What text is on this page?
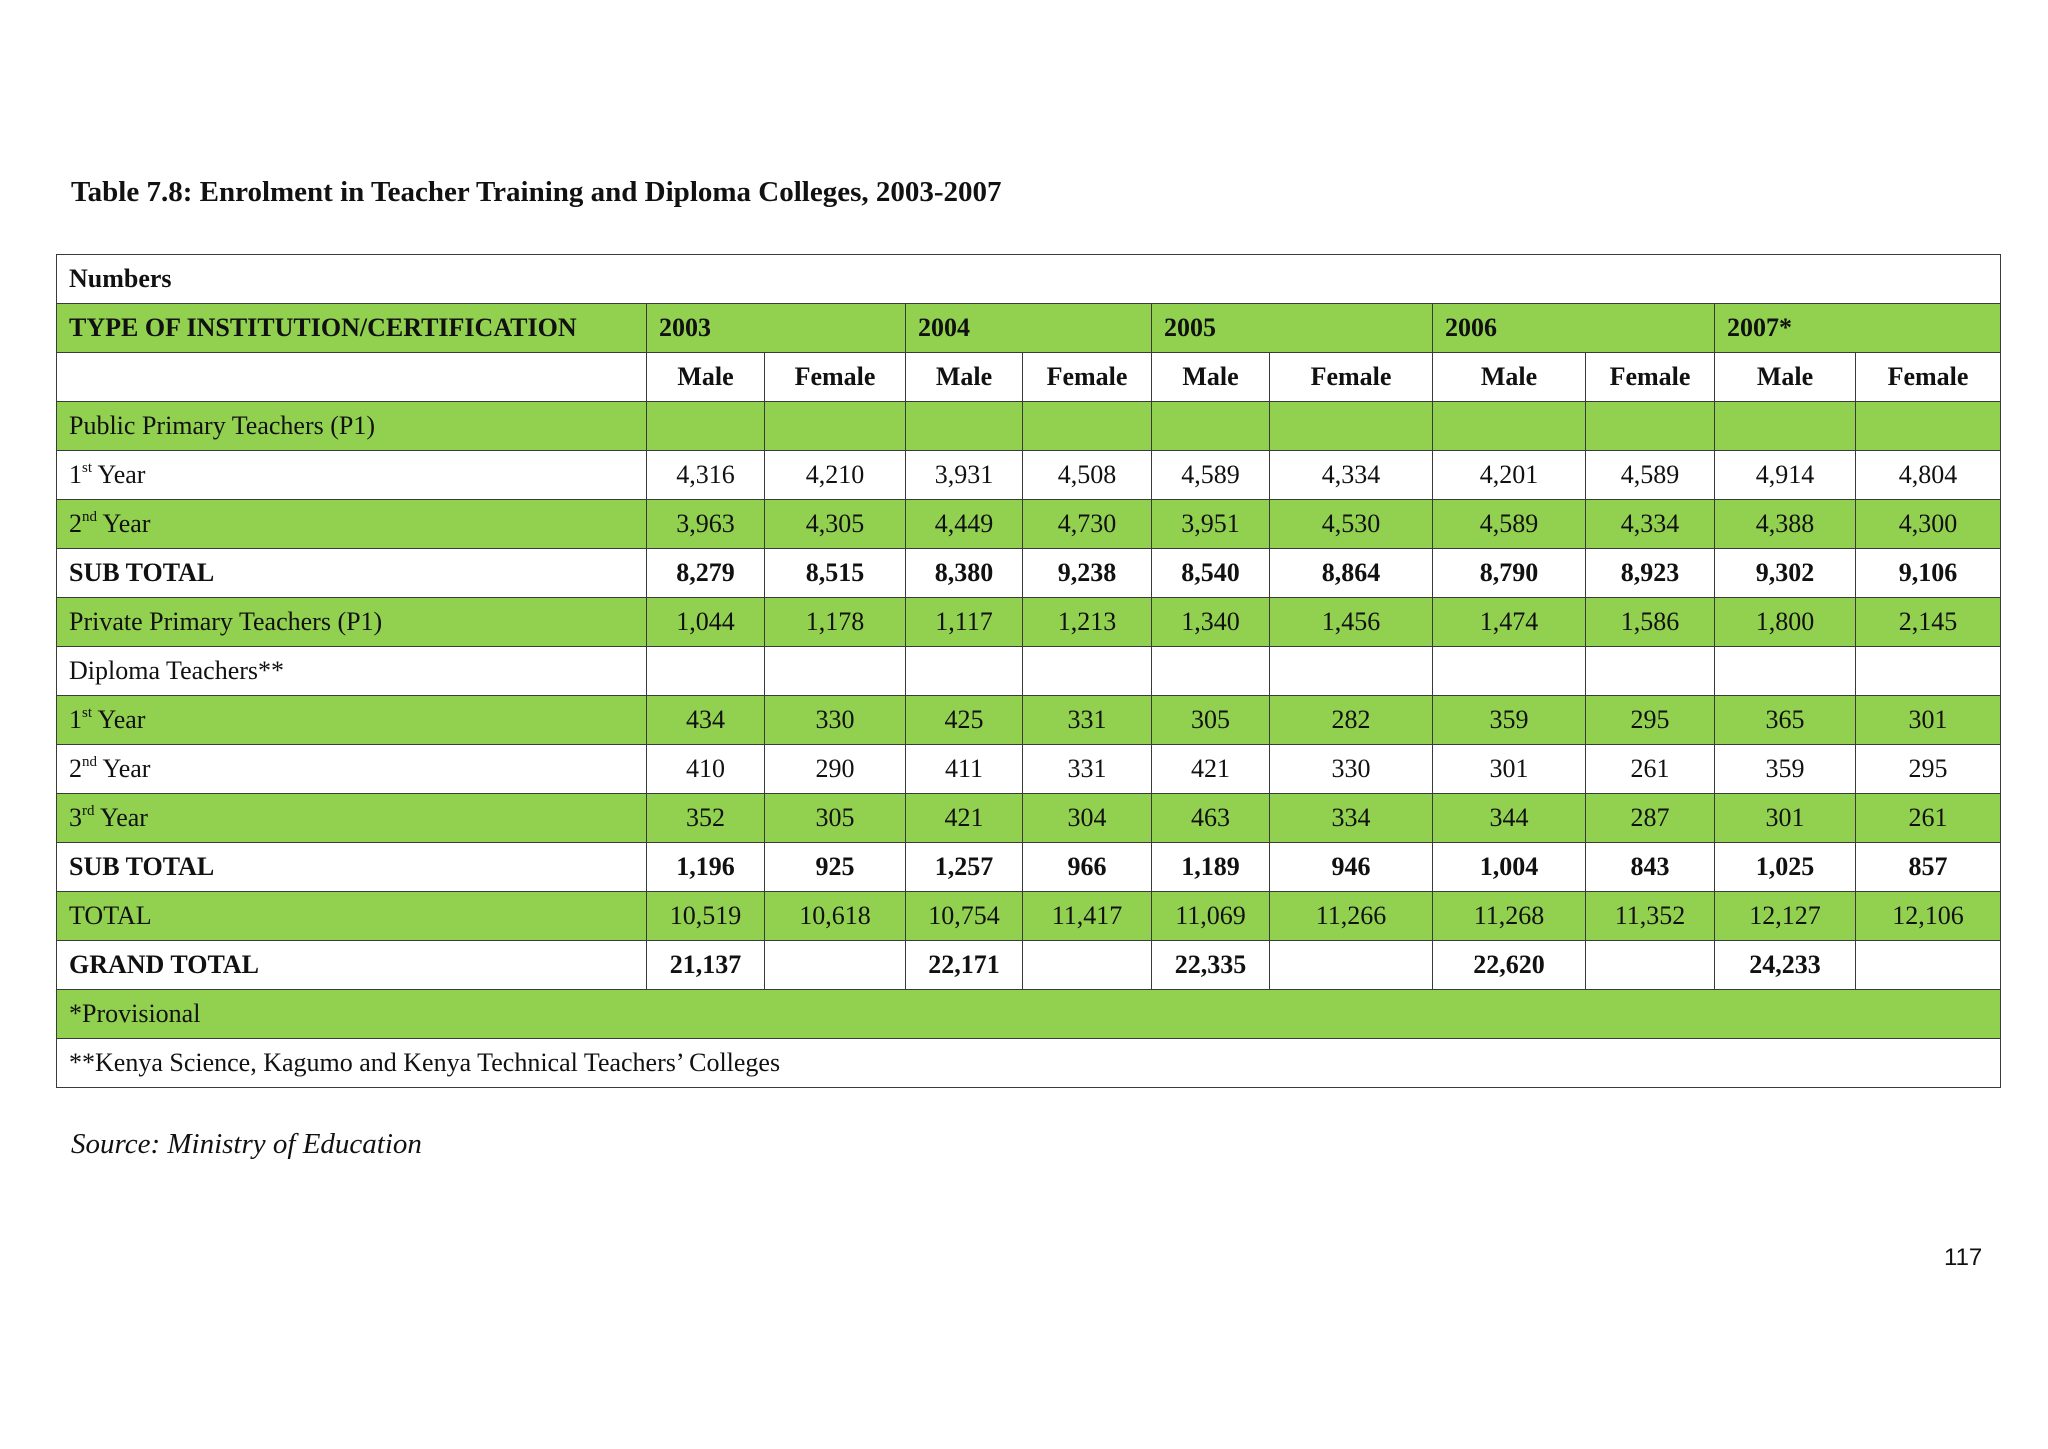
Table 7.8: Enrolment in Teacher Training and Diploma Colleges, 2003-2007
Numbers										
TYPE OF INSTITUTION/CERTIFICATION	2003		2004		2005		2006		2007*	
	Male	Female	Male	Female	Male	Female	Male	Female	Male	Female
Public Primary Teachers (P1)										
1st Year	4,316	4,210	3,931	4,508	4,589	4,334	4,201	4,589	4,914	4,804
2nd Year	3,963	4,305	4,449	4,730	3,951	4,530	4,589	4,334	4,388	4,300
SUB TOTAL	8,279	8,515	8,380	9,238	8,540	8,864	8,790	8,923	9,302	9,106
Private Primary Teachers (P1)	1,044	1,178	1,117	1,213	1,340	1,456	1,474	1,586	1,800	2,145
Diploma Teachers**										
1st Year	434	330	425	331	305	282	359	295	365	301
2nd Year	410	290	411	331	421	330	301	261	359	295
3rd Year	352	305	421	304	463	334	344	287	301	261
SUB TOTAL	1,196	925	1,257	966	1,189	946	1,004	843	1,025	857
TOTAL	10,519	10,618	10,754	11,417	11,069	11,266	11,268	11,352	12,127	12,106
GRAND TOTAL	21,137		22,171		22,335		22,620		24,233	
*Provisional										
**Kenya Science, Kagumo and Kenya Technical Teachers’ Colleges										
Source: Ministry of Education
117
